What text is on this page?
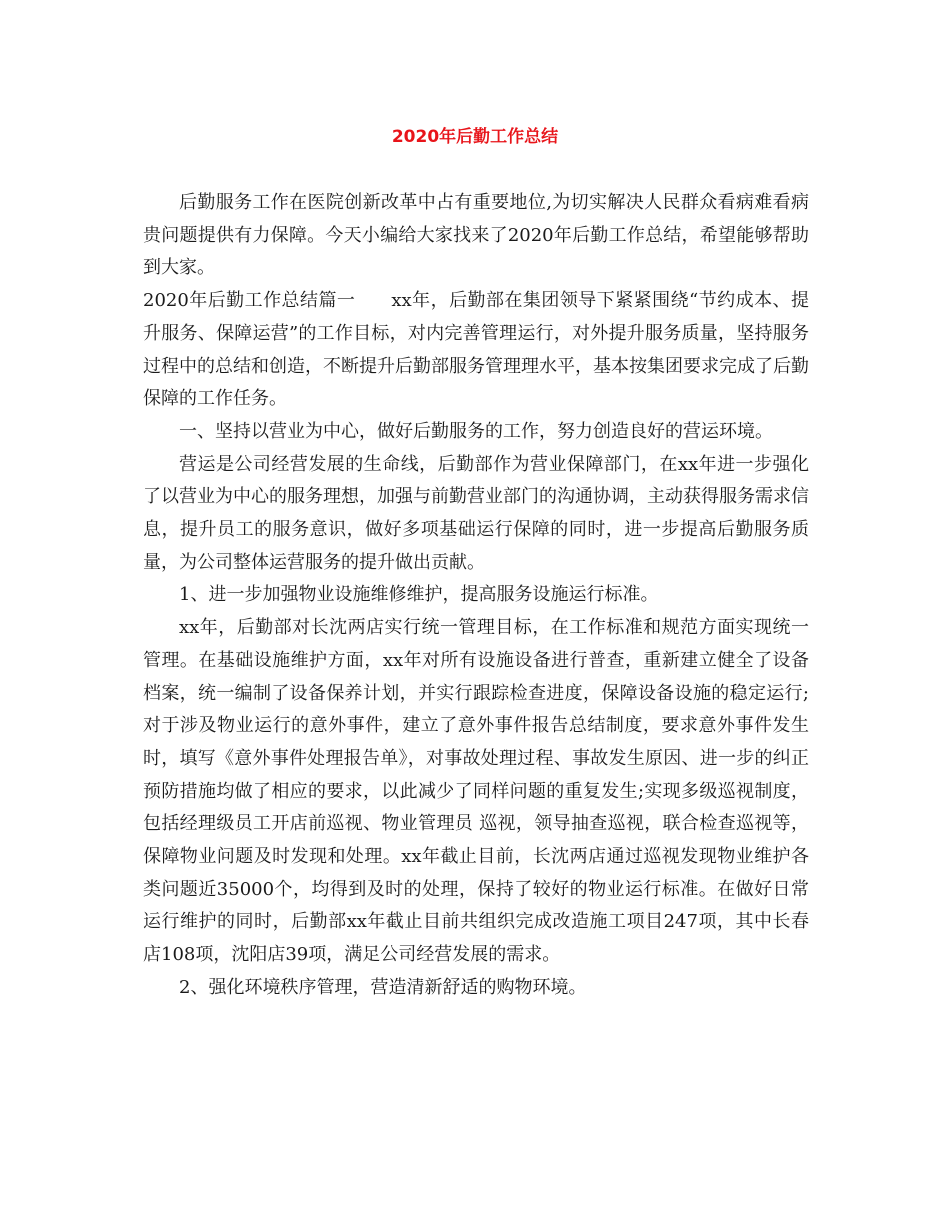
2020年后勤工作总结

后勤服务工作在医院创新改革中占有重要地位,为切实解决人民群众看病难看病贵问题提供有力保障。今天小编给大家找来了2020年后勤工作总结，希望能够帮助到大家。

2020年后勤工作总结篇一 xx年，后勤部在集团领导下紧紧围绕“节约成本、提升服务、保障运营”的工作目标，对内完善管理运行，对外提升服务质量，坚持服务过程中的总结和创造，不断提升后勤部服务管理理水平，基本按集团要求完成了后勤保障的工作任务。

一、坚持以营业为中心，做好后勤服务的工作，努力创造良好的营运环境。

营运是公司经营发展的生命线，后勤部作为营业保障部门，在xx年进一步强化了以营业为中心的服务理想，加强与前勤营业部门的沟通协调，主动获得服务需求信息，提升员工的服务意识，做好多项基础运行保障的同时，进一步提高后勤服务质量，为公司整体运营服务的提升做出贡献。

1、进一步加强物业设施维修维护，提高服务设施运行标准。

xx年，后勤部对长沈两店实行统一管理目标，在工作标准和规范方面实现统一管理。在基础设施维护方面，xx年对所有设施设备进行普查，重新建立健全了设备档案，统一编制了设备保养计划，并实行跟踪检查进度，保障设备设施的稳定运行;对于涉及物业运行的意外事件，建立了意外事件报告总结制度，要求意外事件发生时，填写《意外事件处理报告单》，对事故处理过程、事故发生原因、进一步的纠正预防措施均做了相应的要求，以此减少了同样问题的重复发生;实现多级巡视制度，包括经理级员工开店前巡视、物业管理员 巡视，领导抽查巡视，联合检查巡视等，保障物业问题及时发现和处理。xx年截止目前，长沈两店通过巡视发现物业维护各类问题近35000个，均得到及时的处理，保持了较好的物业运行标准。在做好日常运行维护的同时，后勤部xx年截止目前共组织完成改造施工项目247项，其中长春店108项，沈阳店39项，满足公司经营发展的需求。

2、强化环境秩序管理，营造清新舒适的购物环境。
